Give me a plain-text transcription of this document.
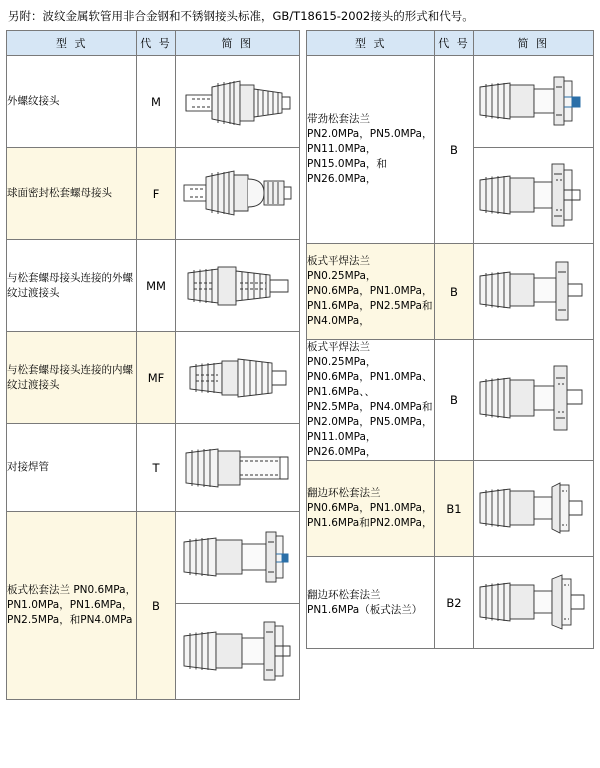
另附：波纹金属软管用非合金钢和不锈钢接头标准，GB/T18615-2002接头的形式和代号。
型 式	代 号	简 图
外螺纹接头	M	

球面密封松套螺母接头	F	

与松套螺母接头连接的外螺纹过渡接头	MM	

与松套螺母接头连接的内螺纹过渡接头	MF	

对接焊管	T	

板式松套法兰 PN0.6MPa，PN1.0MPa，PN1.6MPa，PN2.5MPa，和PN4.0MPa	B	

型 式	代 号	简 图
带劲松套法兰 PN2.0MPa，PN5.0MPa，PN11.0MPa，PN15.0MPa，和PN26.0MPa，	B	

板式平焊法兰 PN0.25MPa，PN0.6MPa，PN1.0MPa，PN1.6MPa，PN2.5MPa和PN4.0MPa，	B	

板式平焊法兰 PN0.25MPa，PN0.6MPa，PN1.0MPa、PN1.6MPa、、PN2.5MPa，PN4.0MPa和PN2.0MPa，PN5.0MPa，PN11.0MPa，PN26.0MPa，	B	

翻边环松套法兰 PN0.6MPa，PN1.0MPa，PN1.6MPa和PN2.0MPa，	B1	

翻边环松套法兰 PN1.6MPa（板式法兰）	B2	
